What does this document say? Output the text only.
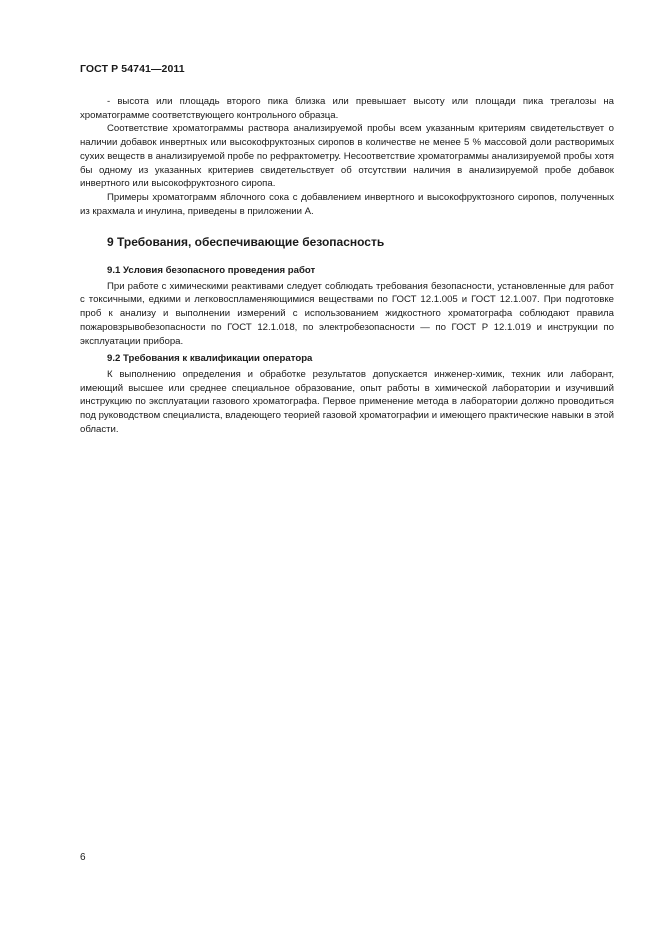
ГОСТ Р 54741—2011

- высота или площадь второго пика близка или превышает высоту или площади пика трегалозы на хроматограмме соответствующего контрольного образца.

Соответствие хроматограммы раствора анализируемой пробы всем указанным критериям свидетельствует о наличии добавок инвертных или высокофруктозных сиропов в количестве не менее 5 % массовой доли растворимых сухих веществ в анализируемой пробе по рефрактометру. Несоответствие хроматограммы анализируемой пробы хотя бы одному из указанных критериев свидетельствует об отсутствии наличия в анализируемой пробе добавок инвертного или высокофруктозного сиропа.

Примеры хроматограмм яблочного сока с добавлением инвертного и высокофруктозного сиропов, полученных из крахмала и инулина, приведены в приложении А.

9 Требования, обеспечивающие безопасность
9.1 Условия безопасного проведения работ

При работе с химическими реактивами следует соблюдать требования безопасности, установленные для работ с токсичными, едкими и легковоспламеняющимися веществами по ГОСТ 12.1.005 и ГОСТ 12.1.007. При подготовке проб к анализу и выполнении измерений с использованием жидкостного хроматографа соблюдают правила пожаровзрывобезопасности по ГОСТ 12.1.018, по электробезопасности — по ГОСТ Р 12.1.019 и инструкции по эксплуатации прибора.

9.2 Требования к квалификации оператора

К выполнению определения и обработке результатов допускается инженер-химик, техник или лаборант, имеющий высшее или среднее специальное образование, опыт работы в химической лаборатории и изучивший инструкцию по эксплуатации газового хроматографа. Первое применение метода в лаборатории должно проводиться под руководством специалиста, владеющего теорией газовой хроматографии и имеющего практические навыки в этой области.

6
